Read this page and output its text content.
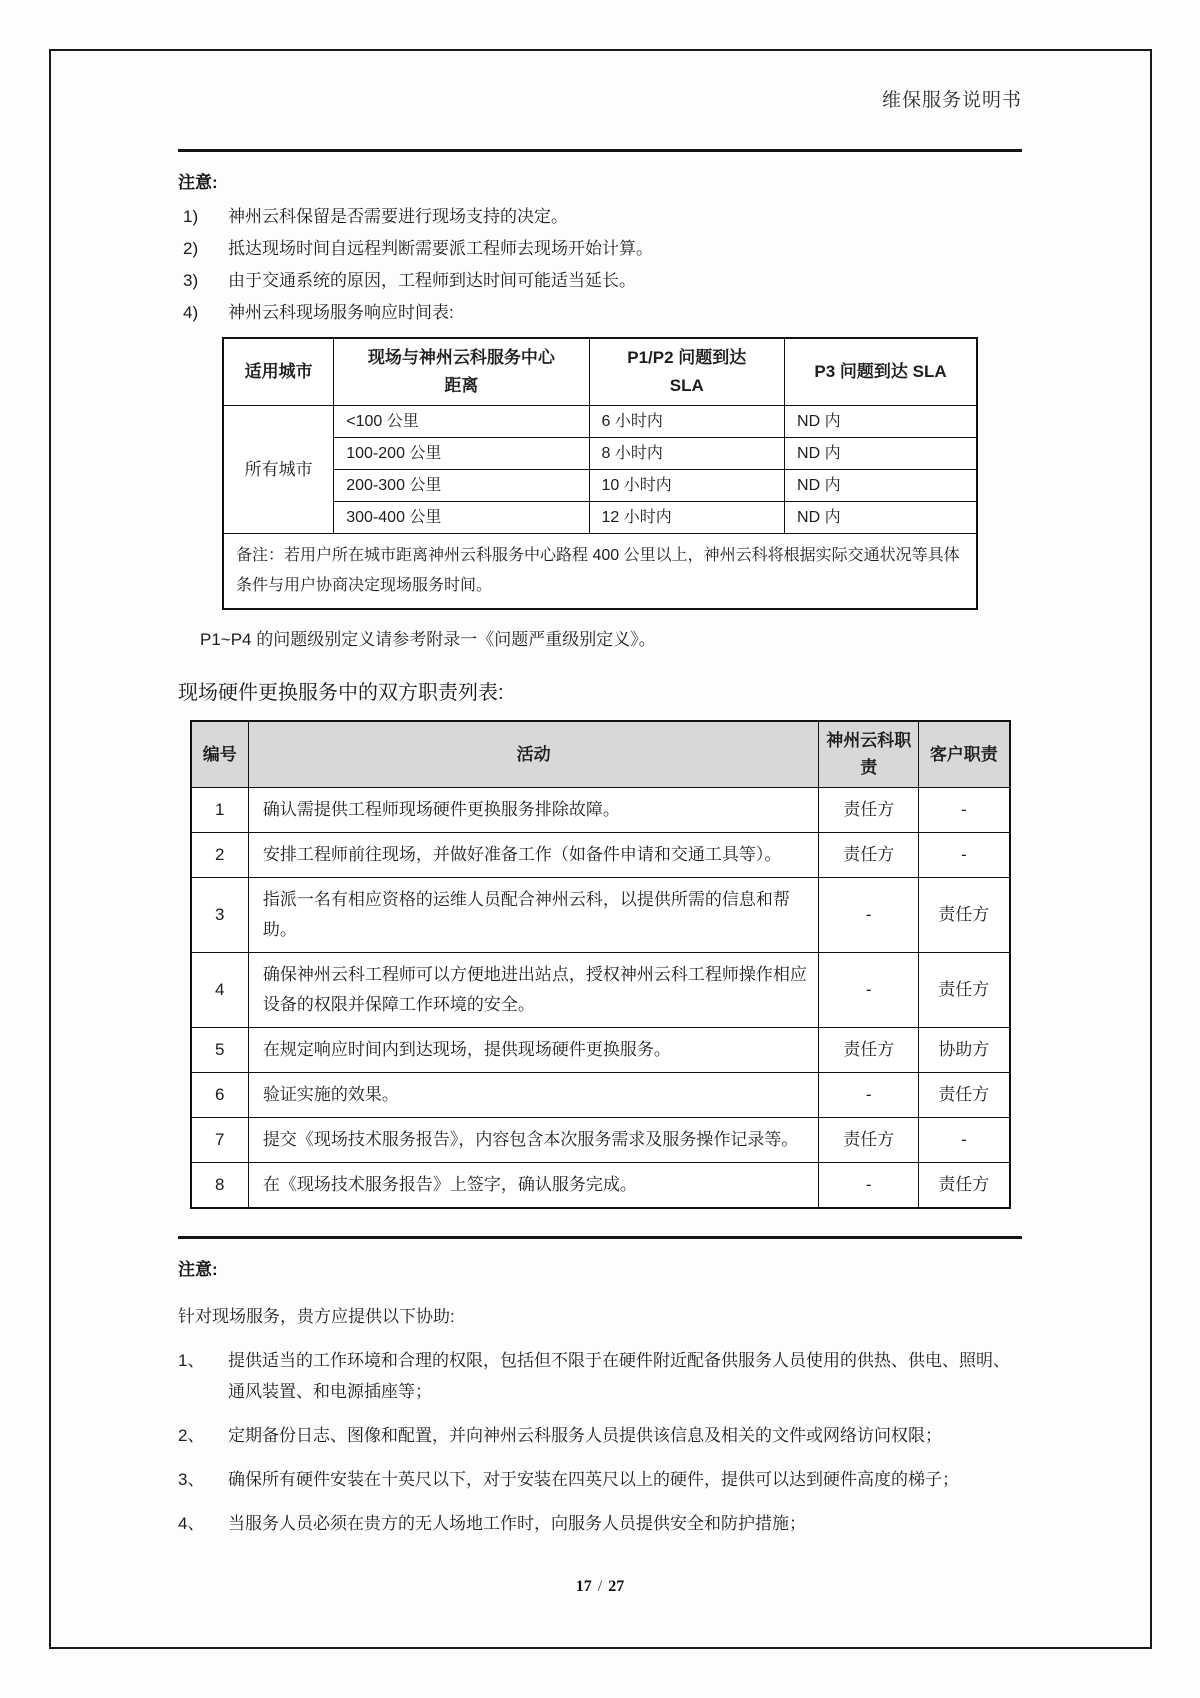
维保服务说明书
注意:
1)	神州云科保留是否需要进行现场支持的决定。
2)	抵达现场时间自远程判断需要派工程师去现场开始计算。
3)	由于交通系统的原因，工程师到达时间可能适当延长。
4)	神州云科现场服务响应时间表:
适用城市	现场与神州云科服务中心距离	P1/P2 问题到达 SLA	P3 问题到达 SLA
所有城市	<100 公里	6 小时内	ND 内
	100-200 公里	8 小时内	ND 内
	200-300 公里	10 小时内	ND 内
	300-400 公里	12 小时内	ND 内
备注：若用户所在城市距离神州云科服务中心路程 400 公里以上，神州云科将根据实际交通状况等具体条件与用户协商决定现场服务时间。			
P1~P4 的问题级别定义请参考附录一《问题严重级别定义》。
现场硬件更换服务中的双方职责列表:
编号	活动	神州云科职责	客户职责
1	确认需提供工程师现场硬件更换服务排除故障。	责任方	-
2	安排工程师前往现场，并做好准备工作（如备件申请和交通工具等）。	责任方	-
3	指派一名有相应资格的运维人员配合神州云科，以提供所需的信息和帮助。	-	责任方
4	确保神州云科工程师可以方便地进出站点，授权神州云科工程师操作相应设备的权限并保障工作环境的安全。	-	责任方
5	在规定响应时间内到达现场，提供现场硬件更换服务。	责任方	协助方
6	验证实施的效果。	-	责任方
7	提交《现场技术服务报告》，内容包含本次服务需求及服务操作记录等。	责任方	-
8	在《现场技术服务报告》上签字，确认服务完成。	-	责任方
注意:
针对现场服务，贵方应提供以下协助:
1、	提供适当的工作环境和合理的权限，包括但不限于在硬件附近配备供服务人员使用的供热、供电、照明、通风装置、和电源插座等；
2、	定期备份日志、图像和配置，并向神州云科服务人员提供该信息及相关的文件或网络访问权限；
3、	确保所有硬件安装在十英尺以下，对于安装在四英尺以上的硬件，提供可以达到硬件高度的梯子；
4、	当服务人员必须在贵方的无人场地工作时，向服务人员提供安全和防护措施；
17 / 27
